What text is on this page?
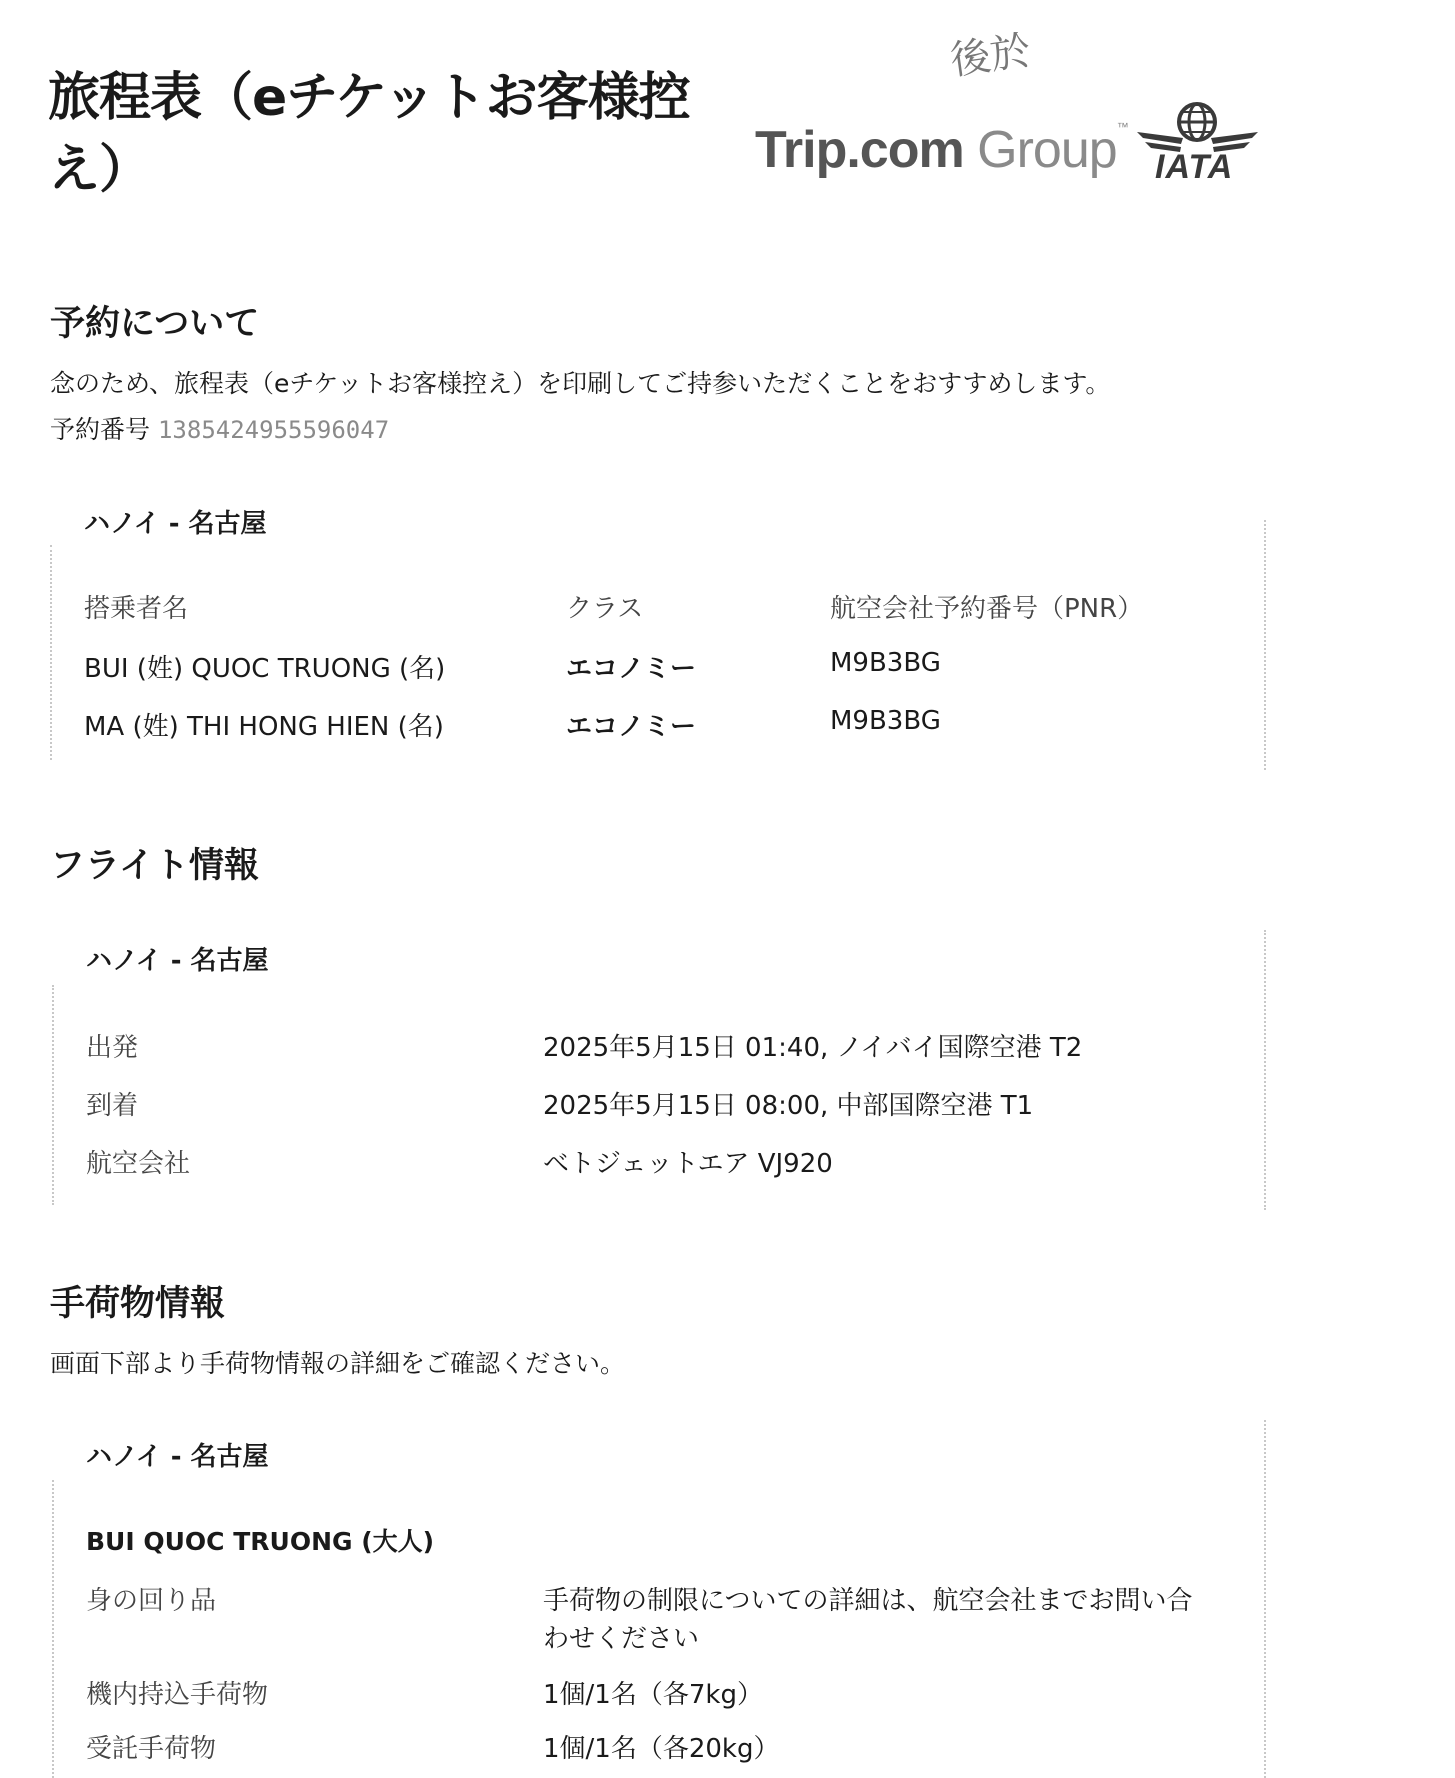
旅程表（eチケットお客様控え）
後於
Trip.com Group™
IATA
予約について
念のため、旅程表（eチケットお客様控え）を印刷してご持参いただくことをおすすめします。
予約番号 1385424955596047
ハノイ - 名古屋
搭乗者名	クラス	航空会社予約番号（PNR）
BUI (姓) QUOC TRUONG (名)	エコノミー	M9B3BG
MA (姓) THI HONG HIEN (名)	エコノミー	M9B3BG
フライト情報
ハノイ - 名古屋
出発	2025年5月15日 01:40, ノイバイ国際空港 T2
到着	2025年5月15日 08:00, 中部国際空港 T1
航空会社	ベトジェットエア VJ920
手荷物情報
画面下部より手荷物情報の詳細をご確認ください。
ハノイ - 名古屋
BUI QUOC TRUONG (大人)
身の回り品	手荷物の制限についての詳細は、航空会社までお問い合
わせください
機内持込手荷物	1個/1名（各7kg）
受託手荷物	1個/1名（各20kg）
